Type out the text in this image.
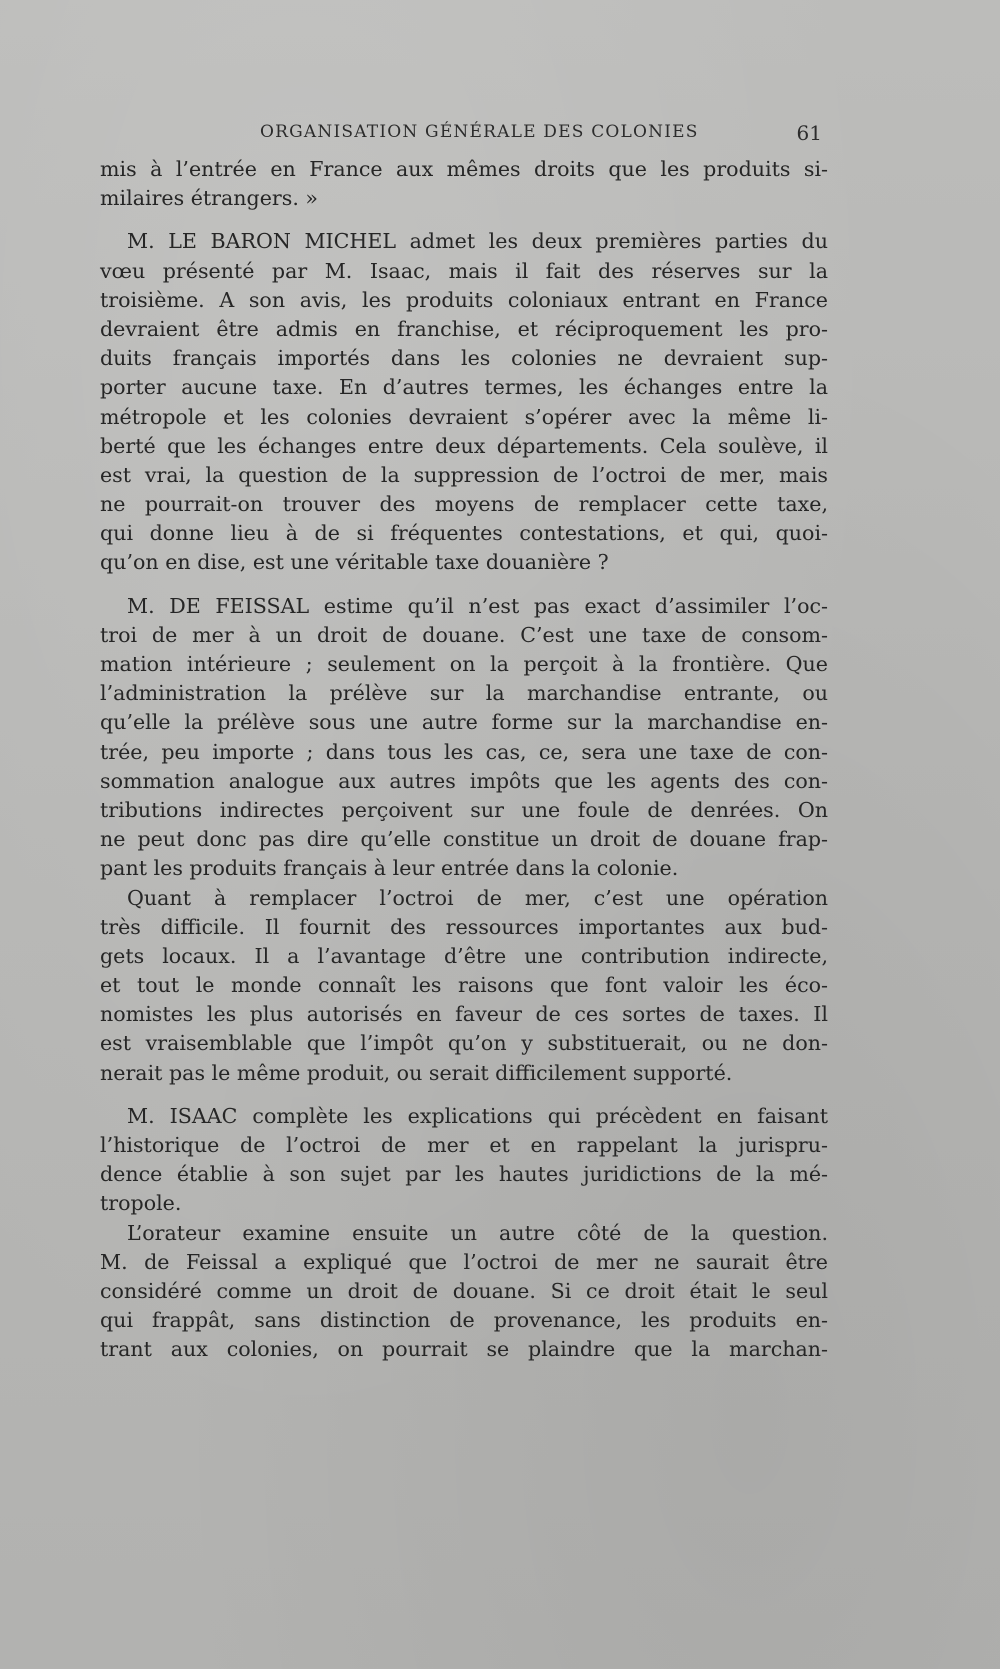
ORGANISATION GÉNÉRALE DES COLONIES	61
mis à l’entrée en France aux mêmes droits que les produits si-
milaires étrangers. »
M. LE BARON MICHEL admet les deux premières parties du
vœu présenté par M. Isaac, mais il fait des réserves sur la
troisième. A son avis, les produits coloniaux entrant en France
devraient être admis en franchise, et réciproquement les pro-
duits français importés dans les colonies ne devraient sup-
porter aucune taxe. En d’autres termes, les échanges entre la
métropole et les colonies devraient s’opérer avec la même li-
berté que les échanges entre deux départements. Cela soulève, il
est vrai, la question de la suppression de l’octroi de mer, mais
ne pourrait-on trouver des moyens de remplacer cette taxe,
qui donne lieu à de si fréquentes contestations, et qui, quoi-
qu’on en dise, est une véritable taxe douanière ?
M. DE FEISSAL estime qu’il n’est pas exact d’assimiler l’oc-
troi de mer à un droit de douane. C’est une taxe de consom-
mation intérieure ; seulement on la perçoit à la frontière. Que
l’administration la prélève sur la marchandise entrante, ou
qu’elle la prélève sous une autre forme sur la marchandise en-
trée, peu importe ; dans tous les cas, ce, sera une taxe de con-
sommation analogue aux autres impôts que les agents des con-
tributions indirectes perçoivent sur une foule de denrées. On
ne peut donc pas dire qu’elle constitue un droit de douane frap-
pant les produits français à leur entrée dans la colonie.
Quant à remplacer l’octroi de mer, c’est une opération
très difficile. Il fournit des ressources importantes aux bud-
gets locaux. Il a l’avantage d’être une contribution indirecte,
et tout le monde connaît les raisons que font valoir les éco-
nomistes les plus autorisés en faveur de ces sortes de taxes. Il
est vraisemblable que l’impôt qu’on y substituerait, ou ne don-
nerait pas le même produit, ou serait difficilement supporté.
M. ISAAC complète les explications qui précèdent en faisant
l’historique de l’octroi de mer et en rappelant la jurispru-
dence établie à son sujet par les hautes juridictions de la mé-
tropole.
L’orateur examine ensuite un autre côté de la question.
M. de Feissal a expliqué que l’octroi de mer ne saurait être
considéré comme un droit de douane. Si ce droit était le seul
qui frappât, sans distinction de provenance, les produits en-
trant aux colonies, on pourrait se plaindre que la marchan-
